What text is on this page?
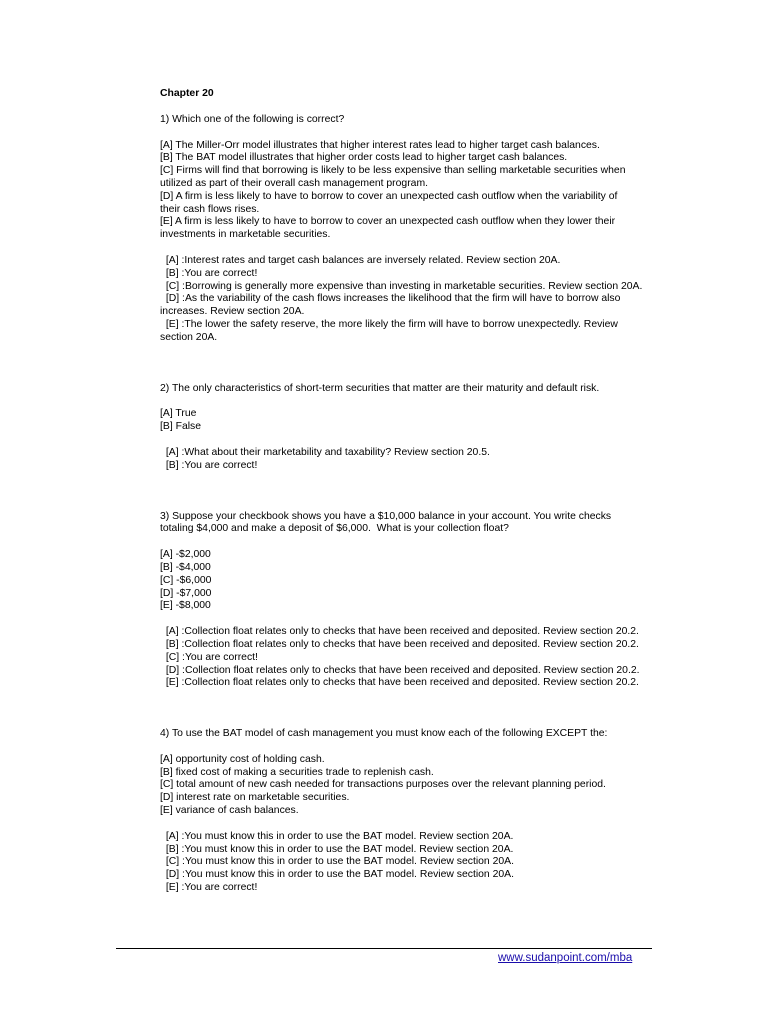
Chapter 20
1) Which one of the following is correct?
[A] The Miller-Orr model illustrates that higher interest rates lead to higher target cash balances.
[B] The BAT model illustrates that higher order costs lead to higher target cash balances.
[C] Firms will find that borrowing is likely to be less expensive than selling marketable securities when
utilized as part of their overall cash management program.
[D] A firm is less likely to have to borrow to cover an unexpected cash outflow when the variability of
their cash flows rises.
[E] A firm is less likely to have to borrow to cover an unexpected cash outflow when they lower their
investments in marketable securities.
[A] :Interest rates and target cash balances are inversely related. Review section 20A.
[B] :You are correct!
[C] :Borrowing is generally more expensive than investing in marketable securities. Review section 20A.
[D] :As the variability of the cash flows increases the likelihood that the firm will have to borrow also
increases. Review section 20A.
[E] :The lower the safety reserve, the more likely the firm will have to borrow unexpectedly. Review
section 20A.
2) The only characteristics of short-term securities that matter are their maturity and default risk.
[A] True
[B] False
[A] :What about their marketability and taxability? Review section 20.5.
[B] :You are correct!
3) Suppose your checkbook shows you have a $10,000 balance in your account. You write checks
totaling $4,000 and make a deposit of $6,000.  What is your collection float?
[A] -$2,000
[B] -$4,000
[C] -$6,000
[D] -$7,000
[E] -$8,000
[A] :Collection float relates only to checks that have been received and deposited. Review section 20.2.
[B] :Collection float relates only to checks that have been received and deposited. Review section 20.2.
[C] :You are correct!
[D] :Collection float relates only to checks that have been received and deposited. Review section 20.2.
[E] :Collection float relates only to checks that have been received and deposited. Review section 20.2.
4) To use the BAT model of cash management you must know each of the following EXCEPT the:
[A] opportunity cost of holding cash.
[B] fixed cost of making a securities trade to replenish cash.
[C] total amount of new cash needed for transactions purposes over the relevant planning period.
[D] interest rate on marketable securities.
[E] variance of cash balances.
[A] :You must know this in order to use the BAT model. Review section 20A.
[B] :You must know this in order to use the BAT model. Review section 20A.
[C] :You must know this in order to use the BAT model. Review section 20A.
[D] :You must know this in order to use the BAT model. Review section 20A.
[E] :You are correct!
www.sudanpoint.com/mba
